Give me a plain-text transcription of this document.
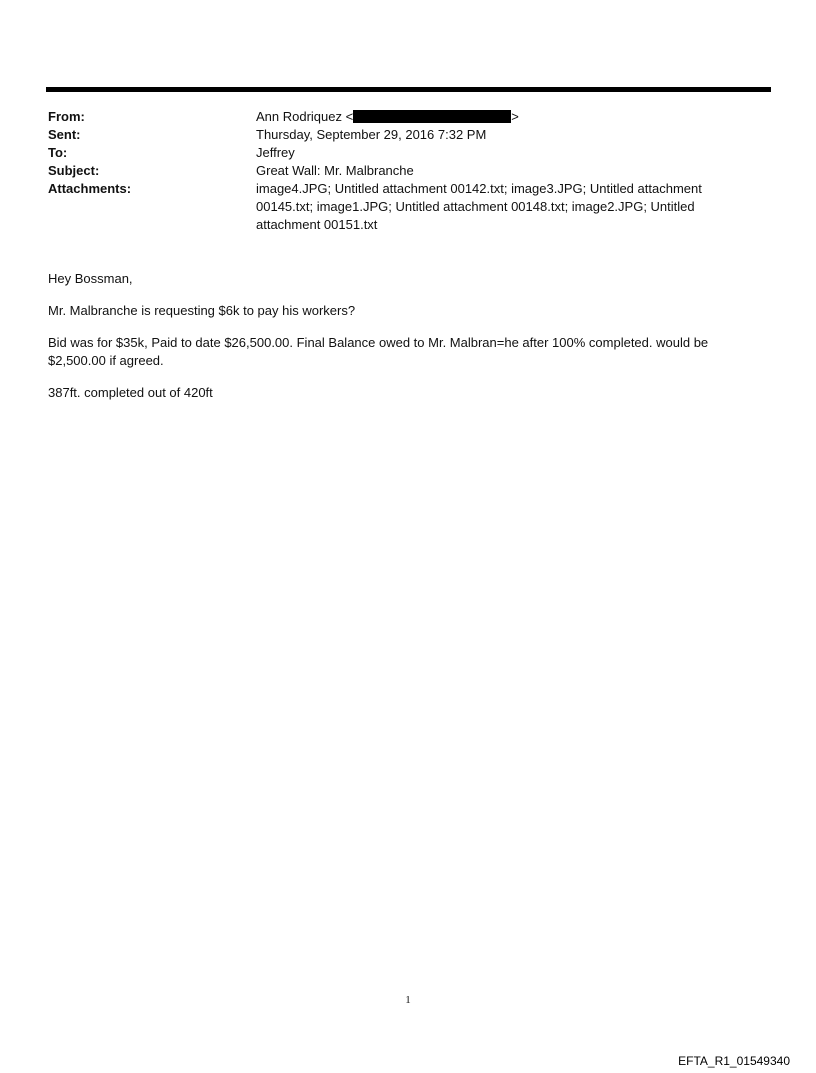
From:	Ann Rodriquez <	>
Sent:	Thursday, September 29, 2016 7:32 PM
To:	Jeffrey
Subject:	Great Wall: Mr. Malbranche
Attachments:	image4.JPG; Untitled attachment 00142.txt; image3.JPG; Untitled attachment 00145.txt; image1.JPG; Untitled attachment 00148.txt; image2.JPG; Untitled attachment 00151.txt

Hey Bossman,

Mr. Malbranche is requesting $6k to pay his workers?

Bid was for $35k, Paid to date $26,500.00. Final Balance owed to Mr. Malbran=he after 100% completed. would be $2,500.00 if agreed.

387ft. completed out of 420ft

1
EFTA_R1_01549340
